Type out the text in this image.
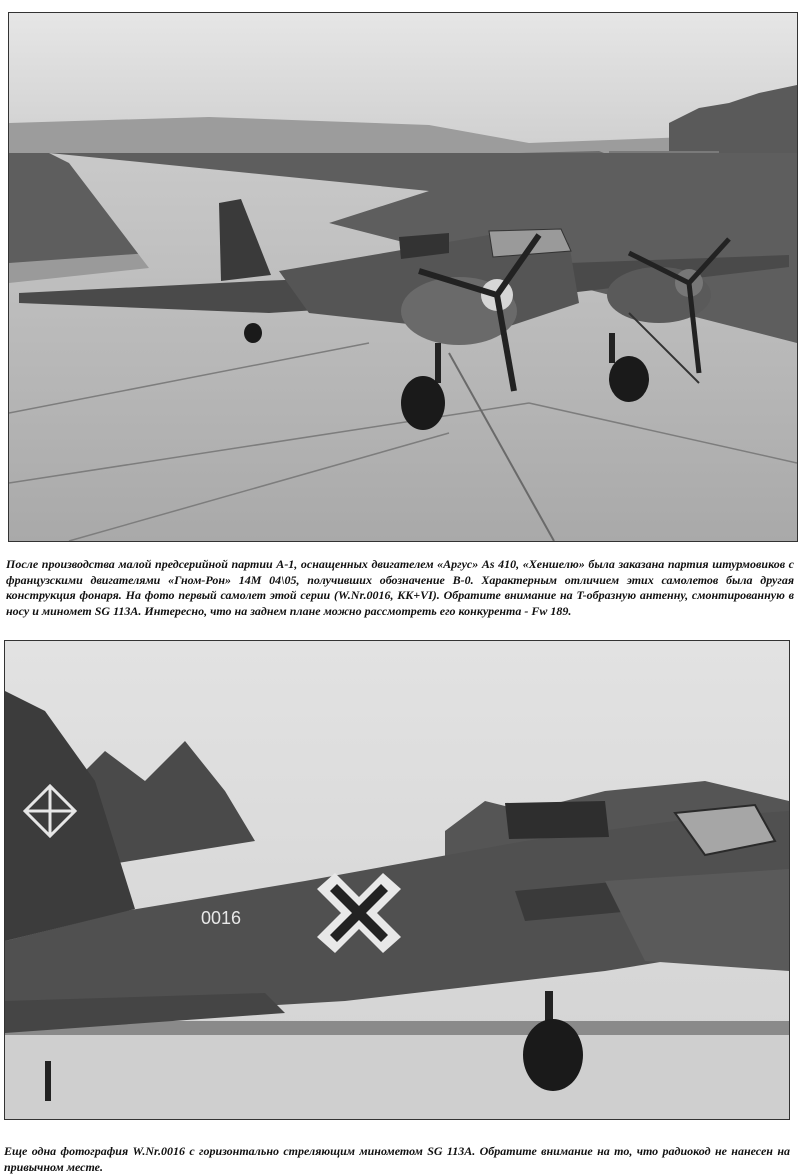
После производства малой предсерийной партии A-1, оснащенных двигателем «Аргус» As 410, «Хеншелю» была заказана партия штурмовиков с французскими двигателями «Гном-Рон» 14M 04\05, получивших обозначение B-0. Характерным отличием этих самолетов была другая конструкция фонаря. На фото первый самолет этой серии (W.Nr.0016, KK+VI). Обратите внимание на T-образную антенну, смонтированную в носу и миномет SG 113A. Интересно, что на заднем плане можно рассмотреть его конкурента - Fw 189.

0016

Еще одна фотография W.Nr.0016 с горизонтально стреляющим минометом SG 113A. Обратите внимание на то, что радиокод не нанесен на привычном месте.
